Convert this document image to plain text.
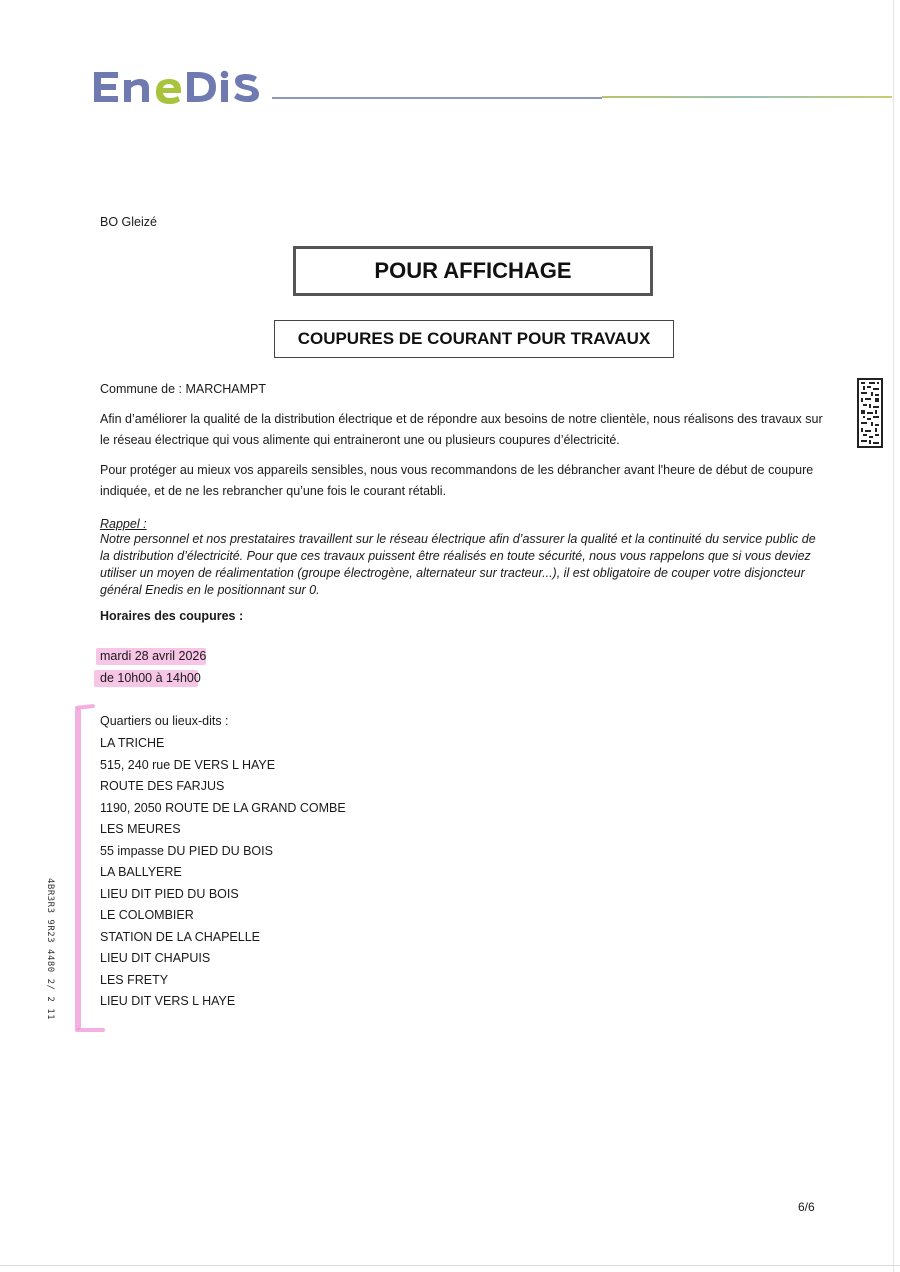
BO Gleizé
POUR AFFICHAGE
COUPURES DE COURANT POUR TRAVAUX
Commune de : MARCHAMPT
Afin d’améliorer la qualité de la distribution électrique et de répondre aux besoins de notre clientèle, nous réalisons des travaux sur le réseau électrique qui vous alimente qui entraineront une ou plusieurs coupures d’électricité.
Pour protéger au mieux vos appareils sensibles, nous vous recommandons de les débrancher avant l'heure de début de coupure indiquée, et de ne les rebrancher qu’une fois le courant rétabli.
Rappel :
Notre personnel et nos prestataires travaillent sur le réseau électrique afin d’assurer la qualité et la continuité du service public de la distribution d’électricité. Pour que ces travaux puissent être réalisés en toute sécurité, nous vous rappelons que si vous deviez utiliser un moyen de réalimentation (groupe électrogène, alternateur sur tracteur...), il est obligatoire de couper votre disjoncteur général Enedis en le positionnant sur 0.
Horaires des coupures :
mardi 28 avril 2026
de 10h00 à 14h00
Quartiers ou lieux-dits :
LA TRICHE
515, 240 rue DE VERS L HAYE
ROUTE DES FARJUS
1190, 2050 ROUTE DE LA GRAND COMBE
LES MEURES
55 impasse DU PIED DU BOIS
LA BALLYERE
LIEU DIT PIED DU BOIS
LE COLOMBIER
STATION DE LA CHAPELLE
LIEU DIT CHAPUIS
LES FRETY
LIEU DIT VERS L HAYE
4BR3R3 9R23 4480 2/ 2 11
6/6
